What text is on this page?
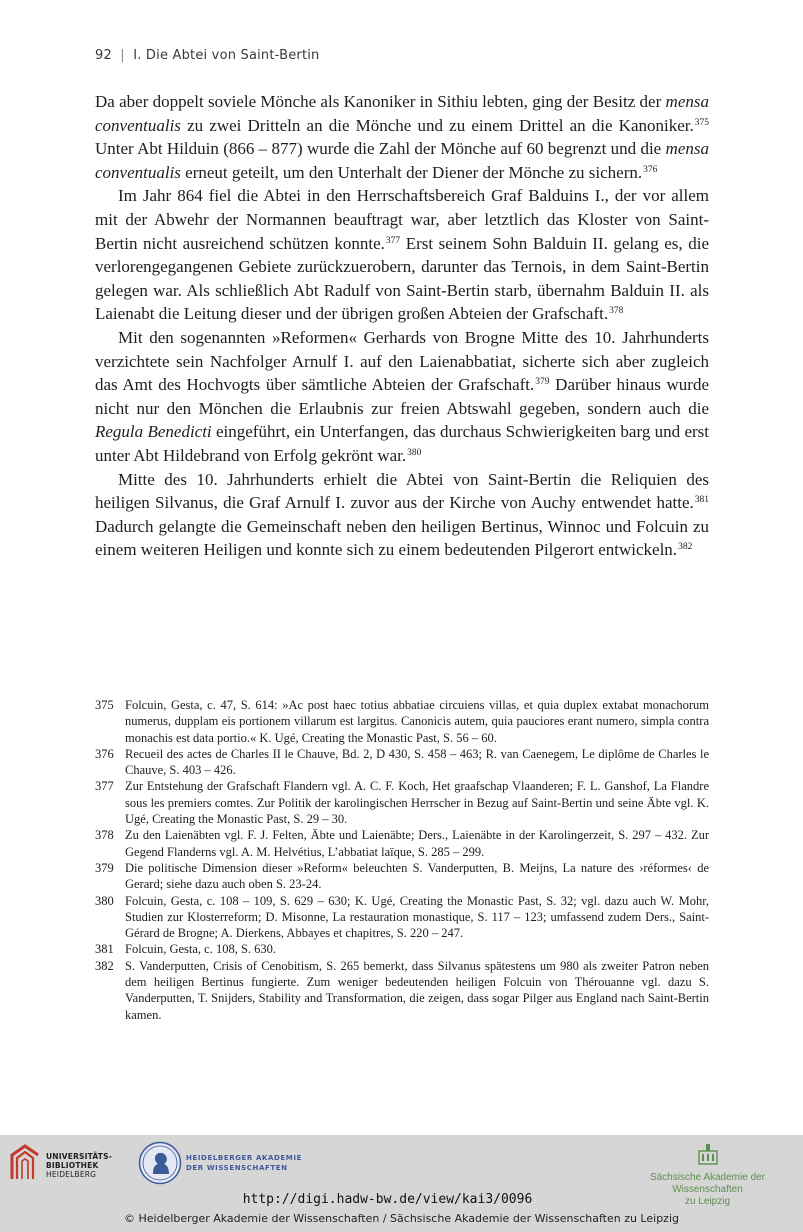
92 | I. Die Abtei von Saint-Bertin

Da aber doppelt soviele Mönche als Kanoniker in Sithiu lebten, ging der Besitz der mensa conventualis zu zwei Dritteln an die Mönche und zu einem Drittel an die Kanoniker.$^{375}$ Unter Abt Hilduin (866 – 877) wurde die Zahl der Mönche auf 60 begrenzt und die mensa conventualis erneut geteilt, um den Unterhalt der Diener der Mönche zu sichern.$^{376}$

Im Jahr 864 fiel die Abtei in den Herrschaftsbereich Graf Balduins I., der vor allem mit der Abwehr der Normannen beauftragt war, aber letztlich das Kloster von Saint-Bertin nicht ausreichend schützen konnte.$^{377}$ Erst seinem Sohn Balduin II. gelang es, die verlorengegangenen Gebiete zurückzuerobern, darunter das Ternois, in dem Saint-Bertin gelegen war. Als schließlich Abt Radulf von Saint-Bertin starb, übernahm Balduin II. als Laienabt die Leitung dieser und der übrigen großen Abteien der Grafschaft.$^{378}$

Mit den sogenannten »Reformen« Gerhards von Brogne Mitte des 10. Jahrhunderts verzichtete sein Nachfolger Arnulf I. auf den Laienabbatiat, sicherte sich aber zugleich das Amt des Hochvogts über sämtliche Abteien der Grafschaft.$^{379}$ Darüber hinaus wurde nicht nur den Mönchen die Erlaubnis zur freien Abtswahl gegeben, sondern auch die Regula Benedicti eingeführt, ein Unterfangen, das durchaus Schwierigkeiten barg und erst unter Abt Hildebrand von Erfolg gekrönt war.$^{380}$

Mitte des 10. Jahrhunderts erhielt die Abtei von Saint-Bertin die Reliquien des heiligen Silvanus, die Graf Arnulf I. zuvor aus der Kirche von Auchy entwendet hatte.$^{381}$ Dadurch gelangte die Gemeinschaft neben den heiligen Bertinus, Winnoc und Folcuin zu einem weiteren Heiligen und konnte sich zu einem bedeutenden Pilgerort entwickeln.$^{382}$

375 Folcuin, Gesta, c. 47, S. 614: »Ac post haec totius abbatiae circuiens villas, et quia duplex extabat monachorum numerus, dupplam eis portionem villarum est largitus. Canonicis autem, quia pauciores erant numero, simpla contra monachis est data portio.« K. Ugé, Creating the Monastic Past, S. 56 – 60.
376 Recueil des actes de Charles II le Chauve, Bd. 2, D 430, S. 458 – 463; R. van Caenegem, Le diplôme de Charles le Chauve, S. 403 – 426.
377 Zur Entstehung der Grafschaft Flandern vgl. A. C. F. Koch, Het graafschap Vlaanderen; F. L. Ganshof, La Flandre sous les premiers comtes. Zur Politik der karolingischen Herrscher in Bezug auf Saint-Bertin und seine Äbte vgl. K. Ugé, Creating the Monastic Past, S. 29 – 30.
378 Zu den Laienäbten vgl. F. J. Felten, Äbte und Laienäbte; Ders., Laienäbte in der Karolingerzeit, S. 297 – 432. Zur Gegend Flanderns vgl. A. M. Helvétius, L’abbatiat laïque, S. 285 – 299.
379 Die politische Dimension dieser »Reform« beleuchten S. Vanderputten, B. Meijns, La nature des ›réformes‹ de Gerard; siehe dazu auch oben S. 23-24.
380 Folcuin, Gesta, c. 108 – 109, S. 629 – 630; K. Ugé, Creating the Monastic Past, S. 32; vgl. dazu auch W. Mohr, Studien zur Klosterreform; D. Misonne, La restauration monastique, S. 117 – 123; umfassend zudem Ders., Saint-Gérard de Brogne; A. Dierkens, Abbayes et chapitres, S. 220 – 247.
381 Folcuin, Gesta, c. 108, S. 630.
382 S. Vanderputten, Crisis of Cenobitism, S. 265 bemerkt, dass Silvanus spätestens um 980 als zweiter Patron neben dem heiligen Bertinus fungierte. Zum weniger bedeutenden heiligen Folcuin von Thérouanne vgl. dazu S. Vanderputten, T. Snijders, Stability and Transformation, die zeigen, dass sogar Pilger aus England nach Saint-Bertin kamen.
UNIVERSITÄTS-
BIBLIOTHEK
HEIDELBERG
HEIDELBERGER AKADEMIE
DER WISSENSCHAFTEN
Sächsische Akademie der Wissenschaften
zu Leipzig
http://digi.hadw-bw.de/view/kai3/0096
© Heidelberger Akademie der Wissenschaften / Sächsische Akademie der Wissenschaften zu Leipzig
